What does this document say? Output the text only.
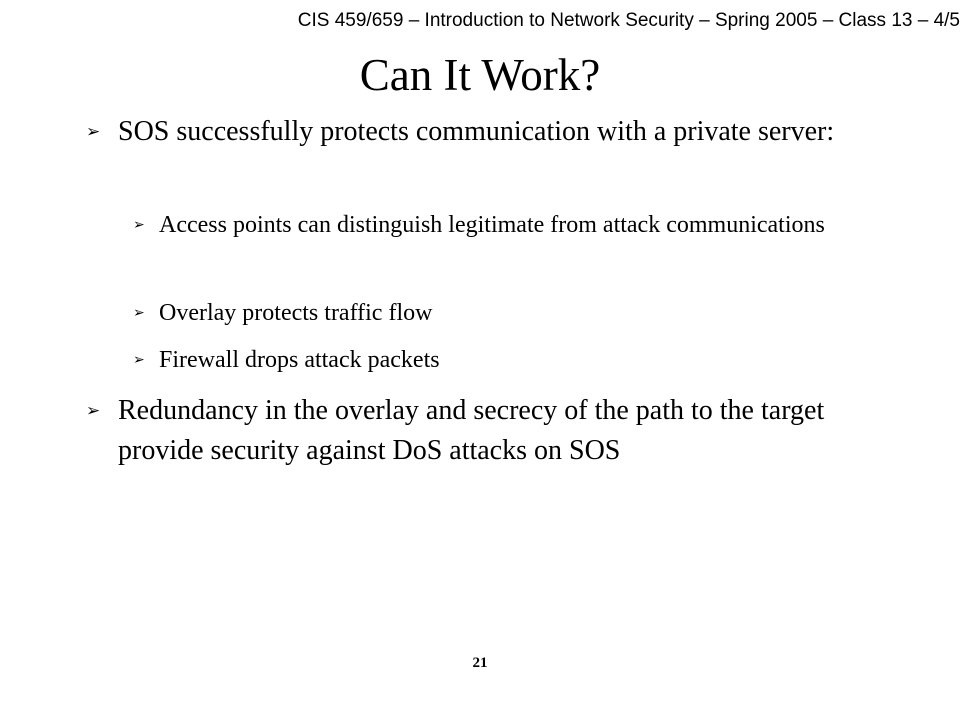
CIS 459/659 – Introduction to Network Security – Spring 2005 – Class 13 – 4/5
Can It Work?
➢ SOS successfully protects communication with a private server:
➢ Access points can distinguish legitimate from attack communications
➢ Overlay protects traffic flow
➢ Firewall drops attack packets
➢ Redundancy in the overlay and secrecy of the path to the target provide security against DoS attacks on SOS
21
